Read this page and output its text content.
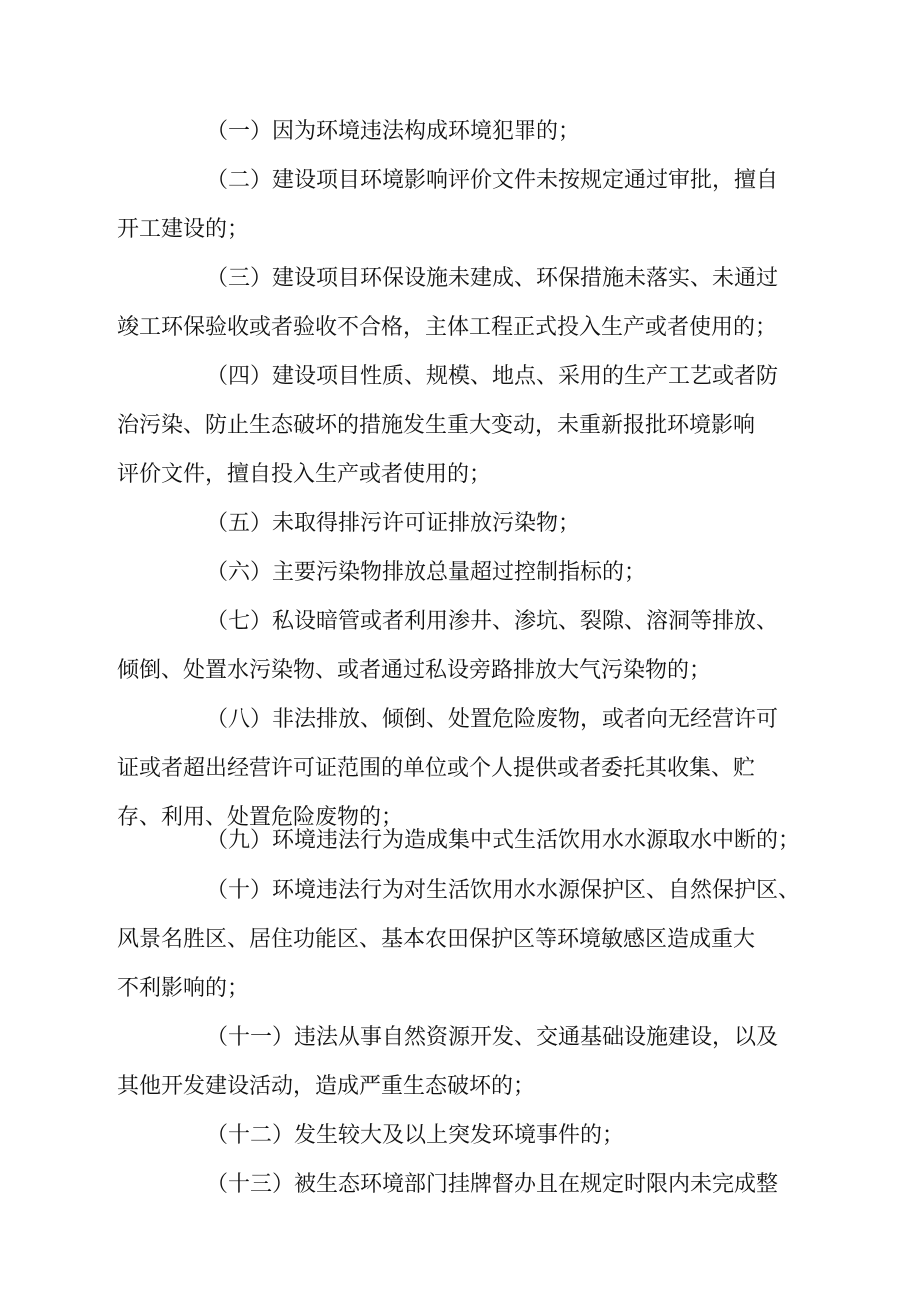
（一）因为环境违法构成环境犯罪的；
（二）建设项目环境影响评价文件未按规定通过审批，擅自
开工建设的；
（三）建设项目环保设施未建成、环保措施未落实、未通过
竣工环保验收或者验收不合格，主体工程正式投入生产或者使用的；
（四）建设项目性质、规模、地点、采用的生产工艺或者防
治污染、防止生态破坏的措施发生重大变动，未重新报批环境影响
评价文件，擅自投入生产或者使用的；
（五）未取得排污许可证排放污染物；
（六）主要污染物排放总量超过控制指标的；
（七）私设暗管或者利用渗井、渗坑、裂隙、溶洞等排放、
倾倒、处置水污染物、或者通过私设旁路排放大气污染物的；
（八）非法排放、倾倒、处置危险废物，或者向无经营许可
证或者超出经营许可证范围的单位或个人提供或者委托其收集、贮
存、利用、处置危险废物的；
（九）环境违法行为造成集中式生活饮用水水源取水中断的；
（十）环境违法行为对生活饮用水水源保护区、自然保护区、
风景名胜区、居住功能区、基本农田保护区等环境敏感区造成重大
不利影响的；
（十一）违法从事自然资源开发、交通基础设施建设，以及
其他开发建设活动，造成严重生态破坏的；
（十二）发生较大及以上突发环境事件的；
（十三）被生态环境部门挂牌督办且在规定时限内未完成整
